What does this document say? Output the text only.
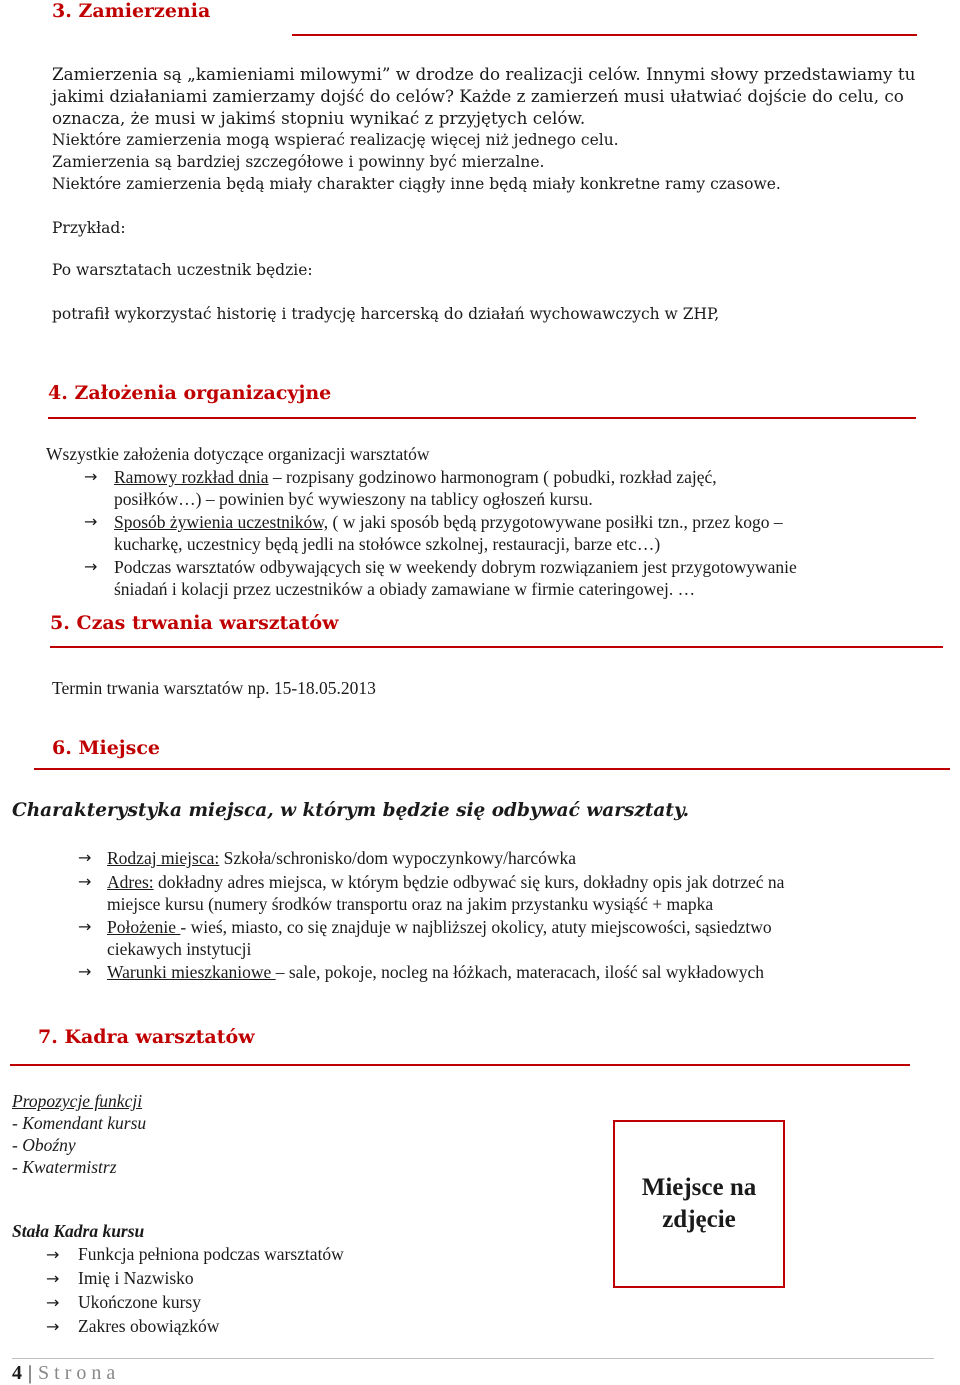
3. Zamierzenia
Zamierzenia są „kamieniami milowymi” w drodze do realizacji celów. Innymi słowy przedstawiamy tu
jakimi działaniami zamierzamy dojść do celów? Każde z zamierzeń musi ułatwiać dojście do celu, co
oznacza, że musi w jakimś stopniu wynikać z przyjętych celów.
Niektóre zamierzenia mogą wspierać realizację więcej niż jednego celu.
Zamierzenia są bardziej szczegółowe i powinny być mierzalne.
Niektóre zamierzenia będą miały charakter ciągły inne będą miały konkretne ramy czasowe.
Przykład:
Po warsztatach uczestnik będzie:
potrafił wykorzystać historię i tradycję harcerską do działań wychowawczych w ZHP,
4. Założenia organizacyjne
Wszystkie założenia dotyczące organizacji warsztatów
→ Ramowy rozkład dnia – rozpisany godzinowo harmonogram ( pobudki, rozkład zajęć,
posiłków…) – powinien być wywieszony na tablicy ogłoszeń kursu.
→ Sposób żywienia uczestników, ( w jaki sposób będą przygotowywane posiłki tzn., przez kogo –
kucharkę, uczestnicy będą jedli na stołówce szkolnej, restauracji, barze etc…)
→ Podczas warsztatów odbywających się w weekendy dobrym rozwiązaniem jest przygotowywanie
śniadań i kolacji przez uczestników a obiady zamawiane w firmie cateringowej. …
5. Czas trwania warsztatów
Termin trwania warsztatów np. 15-18.05.2013
6. Miejsce
Charakterystyka miejsca, w którym będzie się odbywać warsztaty.
→ Rodzaj miejsca: Szkoła/schronisko/dom wypoczynkowy/harcówka
→ Adres: dokładny adres miejsca, w którym będzie odbywać się kurs, dokładny opis jak dotrzeć na
miejsce kursu (numery środków transportu oraz na jakim przystanku wysiąść + mapka
→ Położenie - wieś, miasto, co się znajduje w najbliższej okolicy, atuty miejscowości, sąsiedztwo
ciekawych instytucji
→ Warunki mieszkaniowe – sale, pokoje, nocleg na łóżkach, materacach, ilość sal wykładowych
7. Kadra warsztatów
Propozycje funkcji
- Komendant kursu
- Oboźny
- Kwatermistrz
Stała Kadra kursu
→ Funkcja pełniona podczas warsztatów
→ Imię i Nazwisko
→ Ukończone kursy
→ Zakres obowiązków
Miejsce na
zdjęcie
4 | Strona
